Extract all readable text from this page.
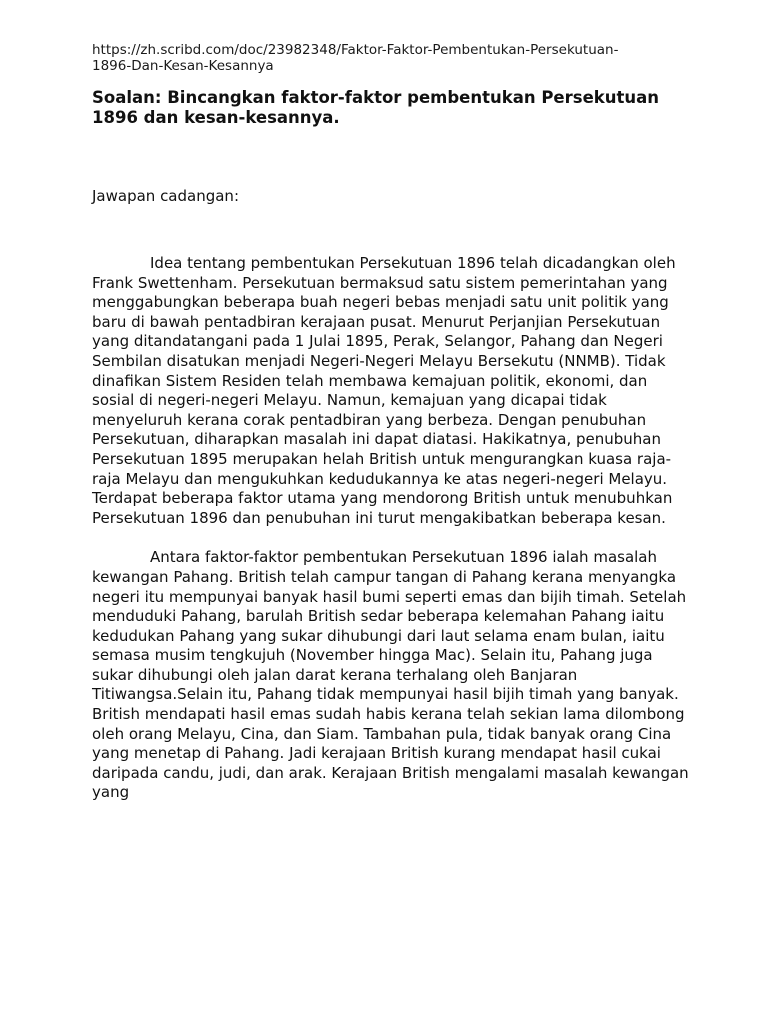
https://zh.scribd.com/doc/23982348/Faktor-Faktor-Pembentukan-Persekutuan-
1896-Dan-Kesan-Kesannya

Soalan: Bincangkan faktor-faktor pembentukan Persekutuan 1896 dan kesan-kesannya.

Jawapan cadangan:

Idea tentang pembentukan Persekutuan 1896 telah dicadangkan oleh Frank Swettenham. Persekutuan bermaksud satu sistem pemerintahan yang menggabungkan beberapa buah negeri bebas menjadi satu unit politik yang baru di bawah pentadbiran kerajaan pusat. Menurut Perjanjian Persekutuan yang ditandatangani pada 1 Julai 1895, Perak, Selangor, Pahang dan Negeri Sembilan disatukan menjadi Negeri-Negeri Melayu Bersekutu (NNMB). Tidak dinafikan Sistem Residen telah membawa kemajuan politik, ekonomi, dan sosial di negeri-negeri Melayu. Namun, kemajuan yang dicapai tidak menyeluruh kerana corak pentadbiran yang berbeza. Dengan penubuhan Persekutuan, diharapkan masalah ini dapat diatasi. Hakikatnya, penubuhan Persekutuan 1895 merupakan helah British untuk mengurangkan kuasa raja-raja Melayu dan mengukuhkan kedudukannya ke atas negeri-negeri Melayu. Terdapat beberapa faktor utama yang mendorong British untuk menubuhkan Persekutuan 1896 dan penubuhan ini turut mengakibatkan beberapa kesan.

Antara faktor-faktor pembentukan Persekutuan 1896 ialah masalah kewangan Pahang. British telah campur tangan di Pahang kerana menyangka negeri itu mempunyai banyak hasil bumi seperti emas dan bijih timah. Setelah menduduki Pahang, barulah British sedar beberapa kelemahan Pahang iaitu kedudukan Pahang yang sukar dihubungi dari laut selama enam bulan, iaitu semasa musim tengkujuh (November hingga Mac). Selain itu, Pahang juga sukar dihubungi oleh jalan darat kerana terhalang oleh Banjaran Titiwangsa.Selain itu, Pahang tidak mempunyai hasil bijih timah yang banyak. British mendapati hasil emas sudah habis kerana telah sekian lama dilombong oleh orang Melayu, Cina, dan Siam. Tambahan pula, tidak banyak orang Cina yang menetap di Pahang. Jadi kerajaan British kurang mendapat hasil cukai daripada candu, judi, dan arak. Kerajaan British mengalami masalah kewangan yang
